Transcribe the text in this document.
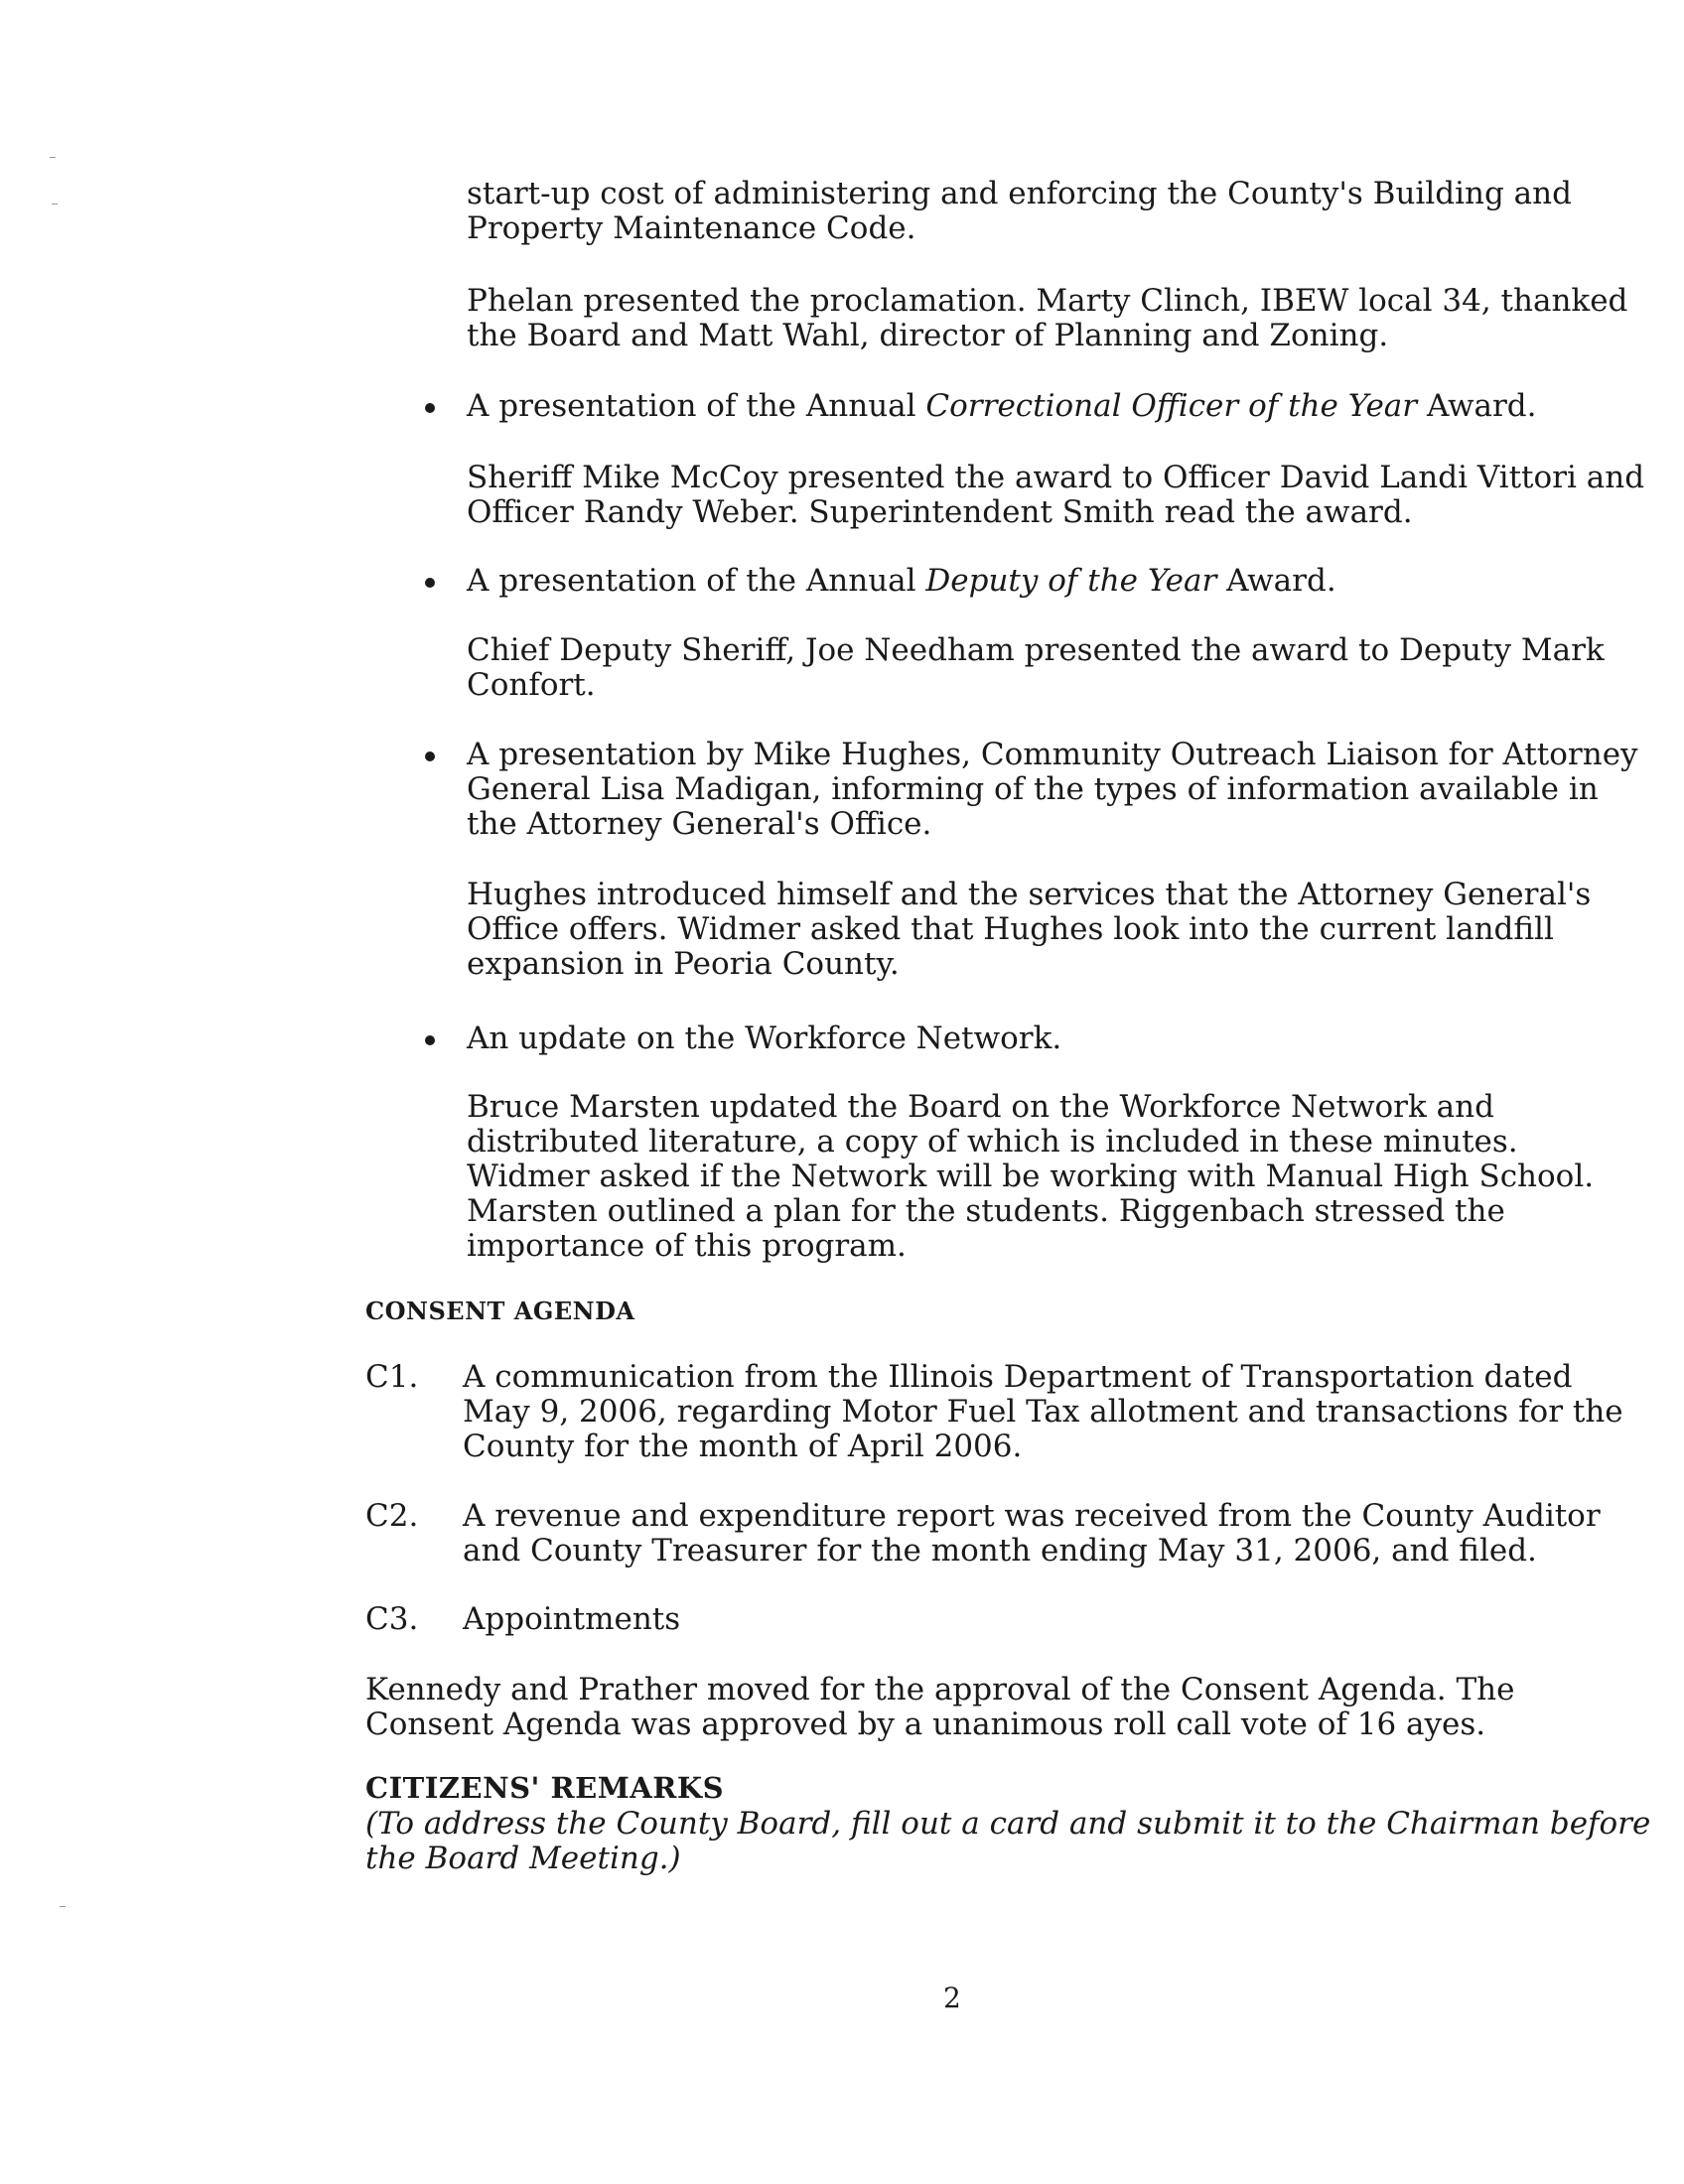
start-up cost of administering and enforcing the County's Building and
Property Maintenance Code.
Phelan presented the proclamation. Marty Clinch, IBEW local 34, thanked
the Board and Matt Wahl, director of Planning and Zoning.
A presentation of the Annual Correctional Officer of the Year Award.
Sheriff Mike McCoy presented the award to Officer David Landi Vittori and
Officer Randy Weber. Superintendent Smith read the award.
A presentation of the Annual Deputy of the Year Award.
Chief Deputy Sheriff, Joe Needham presented the award to Deputy Mark
Confort.
A presentation by Mike Hughes, Community Outreach Liaison for Attorney
General Lisa Madigan, informing of the types of information available in
the Attorney General's Office.
Hughes introduced himself and the services that the Attorney General's
Office offers. Widmer asked that Hughes look into the current landfill
expansion in Peoria County.
An update on the Workforce Network.
Bruce Marsten updated the Board on the Workforce Network and
distributed literature, a copy of which is included in these minutes.
Widmer asked if the Network will be working with Manual High School.
Marsten outlined a plan for the students. Riggenbach stressed the
importance of this program.
CONSENT AGENDA
C1. A communication from the Illinois Department of Transportation dated
May 9, 2006, regarding Motor Fuel Tax allotment and transactions for the
County for the month of April 2006.
C2. A revenue and expenditure report was received from the County Auditor
and County Treasurer for the month ending May 31, 2006, and filed.
C3. Appointments
Kennedy and Prather moved for the approval of the Consent Agenda. The
Consent Agenda was approved by a unanimous roll call vote of 16 ayes.
CITIZENS' REMARKS
(To address the County Board, fill out a card and submit it to the Chairman before
the Board Meeting.)
2
